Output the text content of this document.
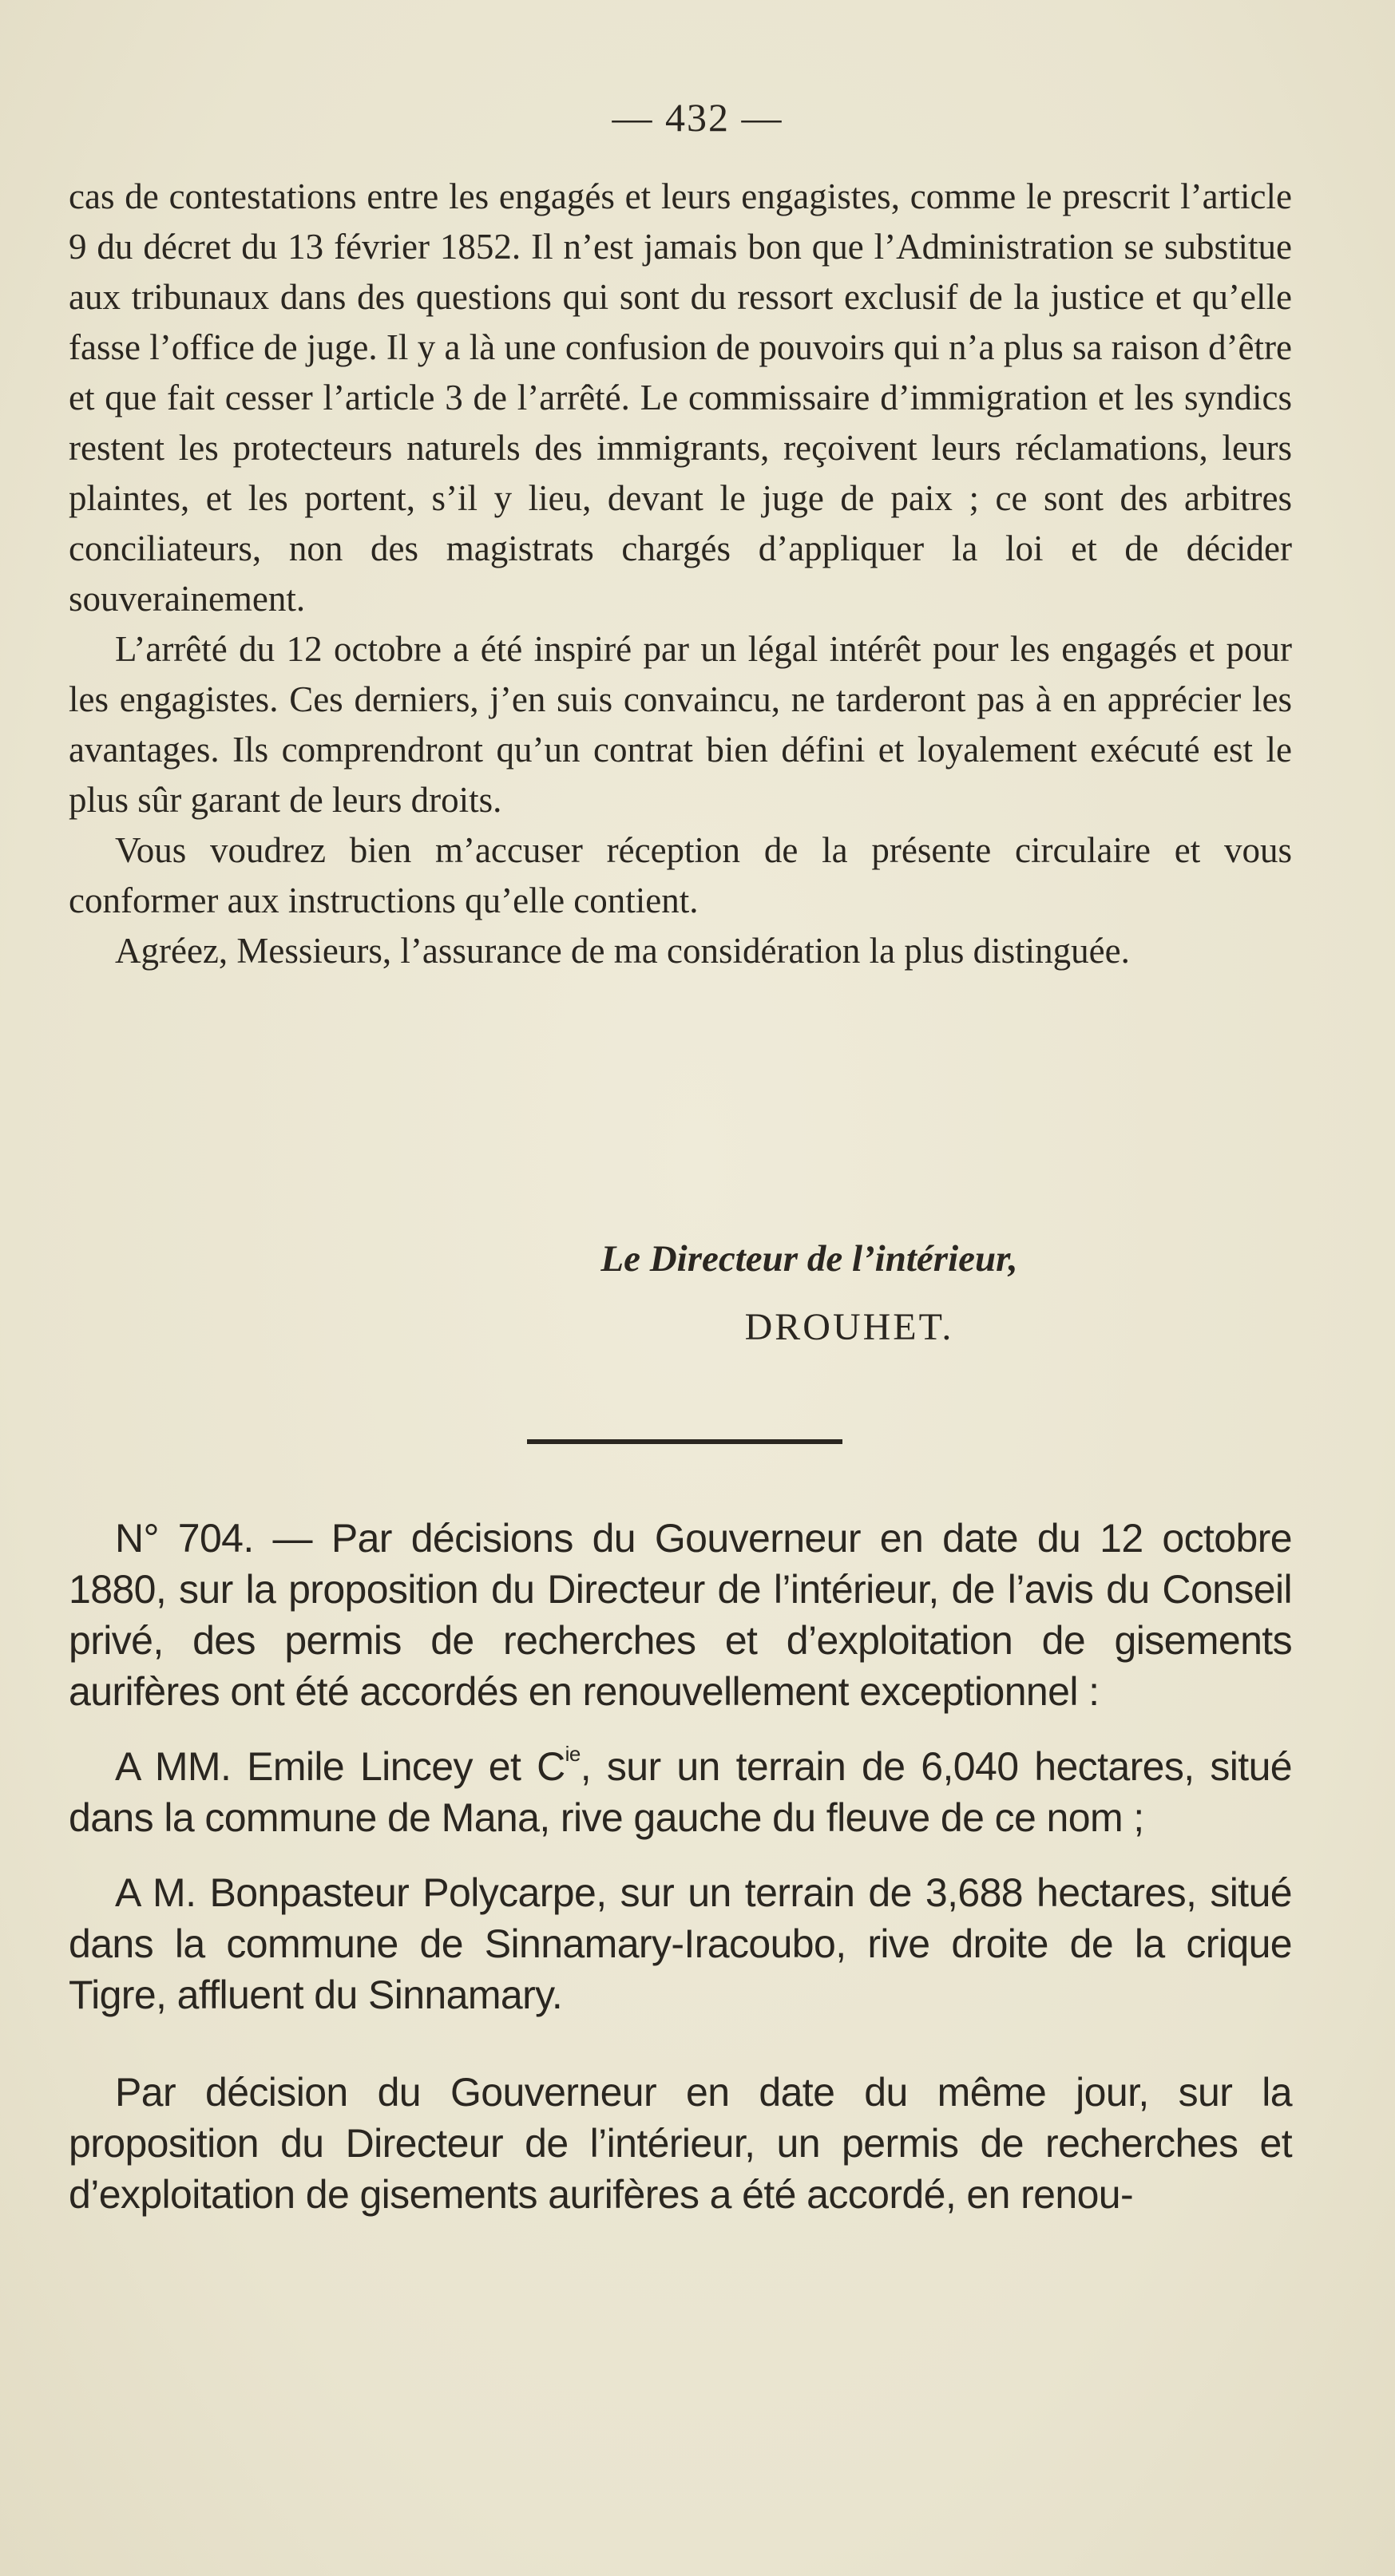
— 432 —

cas de contestations entre les engagés et leurs engagistes, comme le prescrit l’article 9 du décret du 13 février 1852. Il n’est jamais bon que l’Administration se substitue aux tribunaux dans des questions qui sont du ressort exclusif de la justice et qu’elle fasse l’office de juge. Il y a là une confusion de pouvoirs qui n’a plus sa raison d’être et que fait cesser l’article 3 de l’arrêté. Le commissaire d’immigration et les syndics restent les protecteurs naturels des immigrants, reçoivent leurs réclamations, leurs plaintes, et les portent, s’il y lieu, devant le juge de paix ; ce sont des arbitres conciliateurs, non des magistrats chargés d’appliquer la loi et de décider souverainement.

L’arrêté du 12 octobre a été inspiré par un légal intérêt pour les engagés et pour les engagistes. Ces derniers, j’en suis convaincu, ne tarderont pas à en apprécier les avantages. Ils comprendront qu’un contrat bien défini et loyalement exécuté est le plus sûr garant de leurs droits.

Vous voudrez bien m’accuser réception de la présente circulaire et vous conformer aux instructions qu’elle contient.

Agréez, Messieurs, l’assurance de ma considération la plus distinguée.

Le Directeur de l’intérieur,
DROUHET.

N° 704. — Par décisions du Gouverneur en date du 12 octobre 1880, sur la proposition du Directeur de l’intérieur, de l’avis du Conseil privé, des permis de recherches et d’exploitation de gisements aurifères ont été accordés en renouvellement exceptionnel :

A MM. Emile Lincey et $C^{ie}$, sur un terrain de 6,040 hectares, situé dans la commune de Mana, rive gauche du fleuve de ce nom ;

A M. Bonpasteur Polycarpe, sur un terrain de 3,688 hectares, situé dans la commune de Sinnamary-Iracoubo, rive droite de la crique Tigre, affluent du Sinnamary.

Par décision du Gouverneur en date du même jour, sur la proposition du Directeur de l’intérieur, un permis de recherches et d’exploitation de gisements aurifères a été accordé, en renou-
